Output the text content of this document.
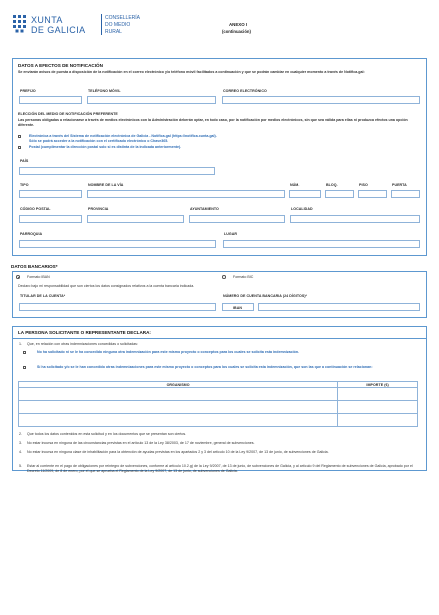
XUNTA
DE GALICIA
CONSELLERÍA
DO MEDIO
RURAL
ANEXO I
(continuación)
DATOS A EFECTOS DE NOTIFICACIÓN
Se enviarán avisos de puesta a disposición de la notificación en el correo electrónico y/o teléfono móvil facilitados a continuación y que se podrán cambiar en cualquier momento a través de Notifica.gal:
PREFIJO	TELÉFONO MÓVIL	CORREO ELECTRÓNICO
ELECCIÓN DEL MEDIO DE NOTIFICACIÓN PREFERENTE
Las personas obligadas a relacionarse a través de medios electrónicos con la Administración deberán optar, en todo caso, por la notificación por medios electrónicos, sin que sea válida para ellas ni produzca efectos una opción diferente.
Electrónica a través del Sistema de notificación electrónica de Galicia - Notifica.gal (https://notifica.xunta.gal).
Sólo se podrá acceder a la notificación con el certificado electrónico o Chave365.
Postal (cumplimentar la dirección postal solo si es distinta de la indicada anteriormente).
PAÍS
TIPO	NOMBRE DE LA VÍA	NÚM.	BLOQ.	PISO	PUERTA
CÓDIGO POSTAL	PROVINCIA	AYUNTAMIENTO	LOCALIDAD
PARROQUIA	LUGAR
DATOS BANCARIOS*
Formato IBAN	Formato BIC
Declaro bajo mi responsabilidad que son ciertos los datos consignados relativos a la cuenta bancaria indicada.
TITULAR DE LA CUENTA*	NÚMERO DE CUENTA BANCARIA (24 DÍGITOS)*
IBAN
LA PERSONA SOLICITANTE O REPRESENTANTE DECLARA:
1. Que, en relación con otras indemnizaciones concedidas o solicitadas:
No ha solicitado ni se le ha concedido ninguna otra indemnización para este mismo proyecto o conceptos para los cuales se solicita esta indemnización.
Sí ha solicitado y/o se le han concedido otras indemnizaciones para este mismo proyecto o conceptos para los cuales se solicita esta indemnización, que son las que a continuación se relacionan:
ORGANISMO	IMPORTE (€)

2. Que todos los datos contenidos en esta solicitud y en los documentos que se presentan son ciertos.
3. No estar incursa en ninguna de las circunstancias previstas en el artículo 13 de la Ley 38/2003, de 17 de noviembre, general de subvenciones.
4. No estar incursa en ninguna clase de inhabilitación para la obtención de ayudas previstas en los apartados 2 y 3 del artículo 10 de la Ley 9/2007, de 13 de junio, de subvenciones de Galicia.
5. Estar al corriente en el pago de obligaciones por reintegro de subvenciones, conforme al artículo 10.2.g) de la Ley 9/2007, de 13 de junio, de subvenciones de Galicia, y al artículo 9 del Reglamento de subvenciones de Galicia, aprobado por el Decreto 11/2009, de 8 de enero, por el que se aprueba el Reglamento de la Ley 9/2007, de 13 de junio, de subvenciones de Galicia.
